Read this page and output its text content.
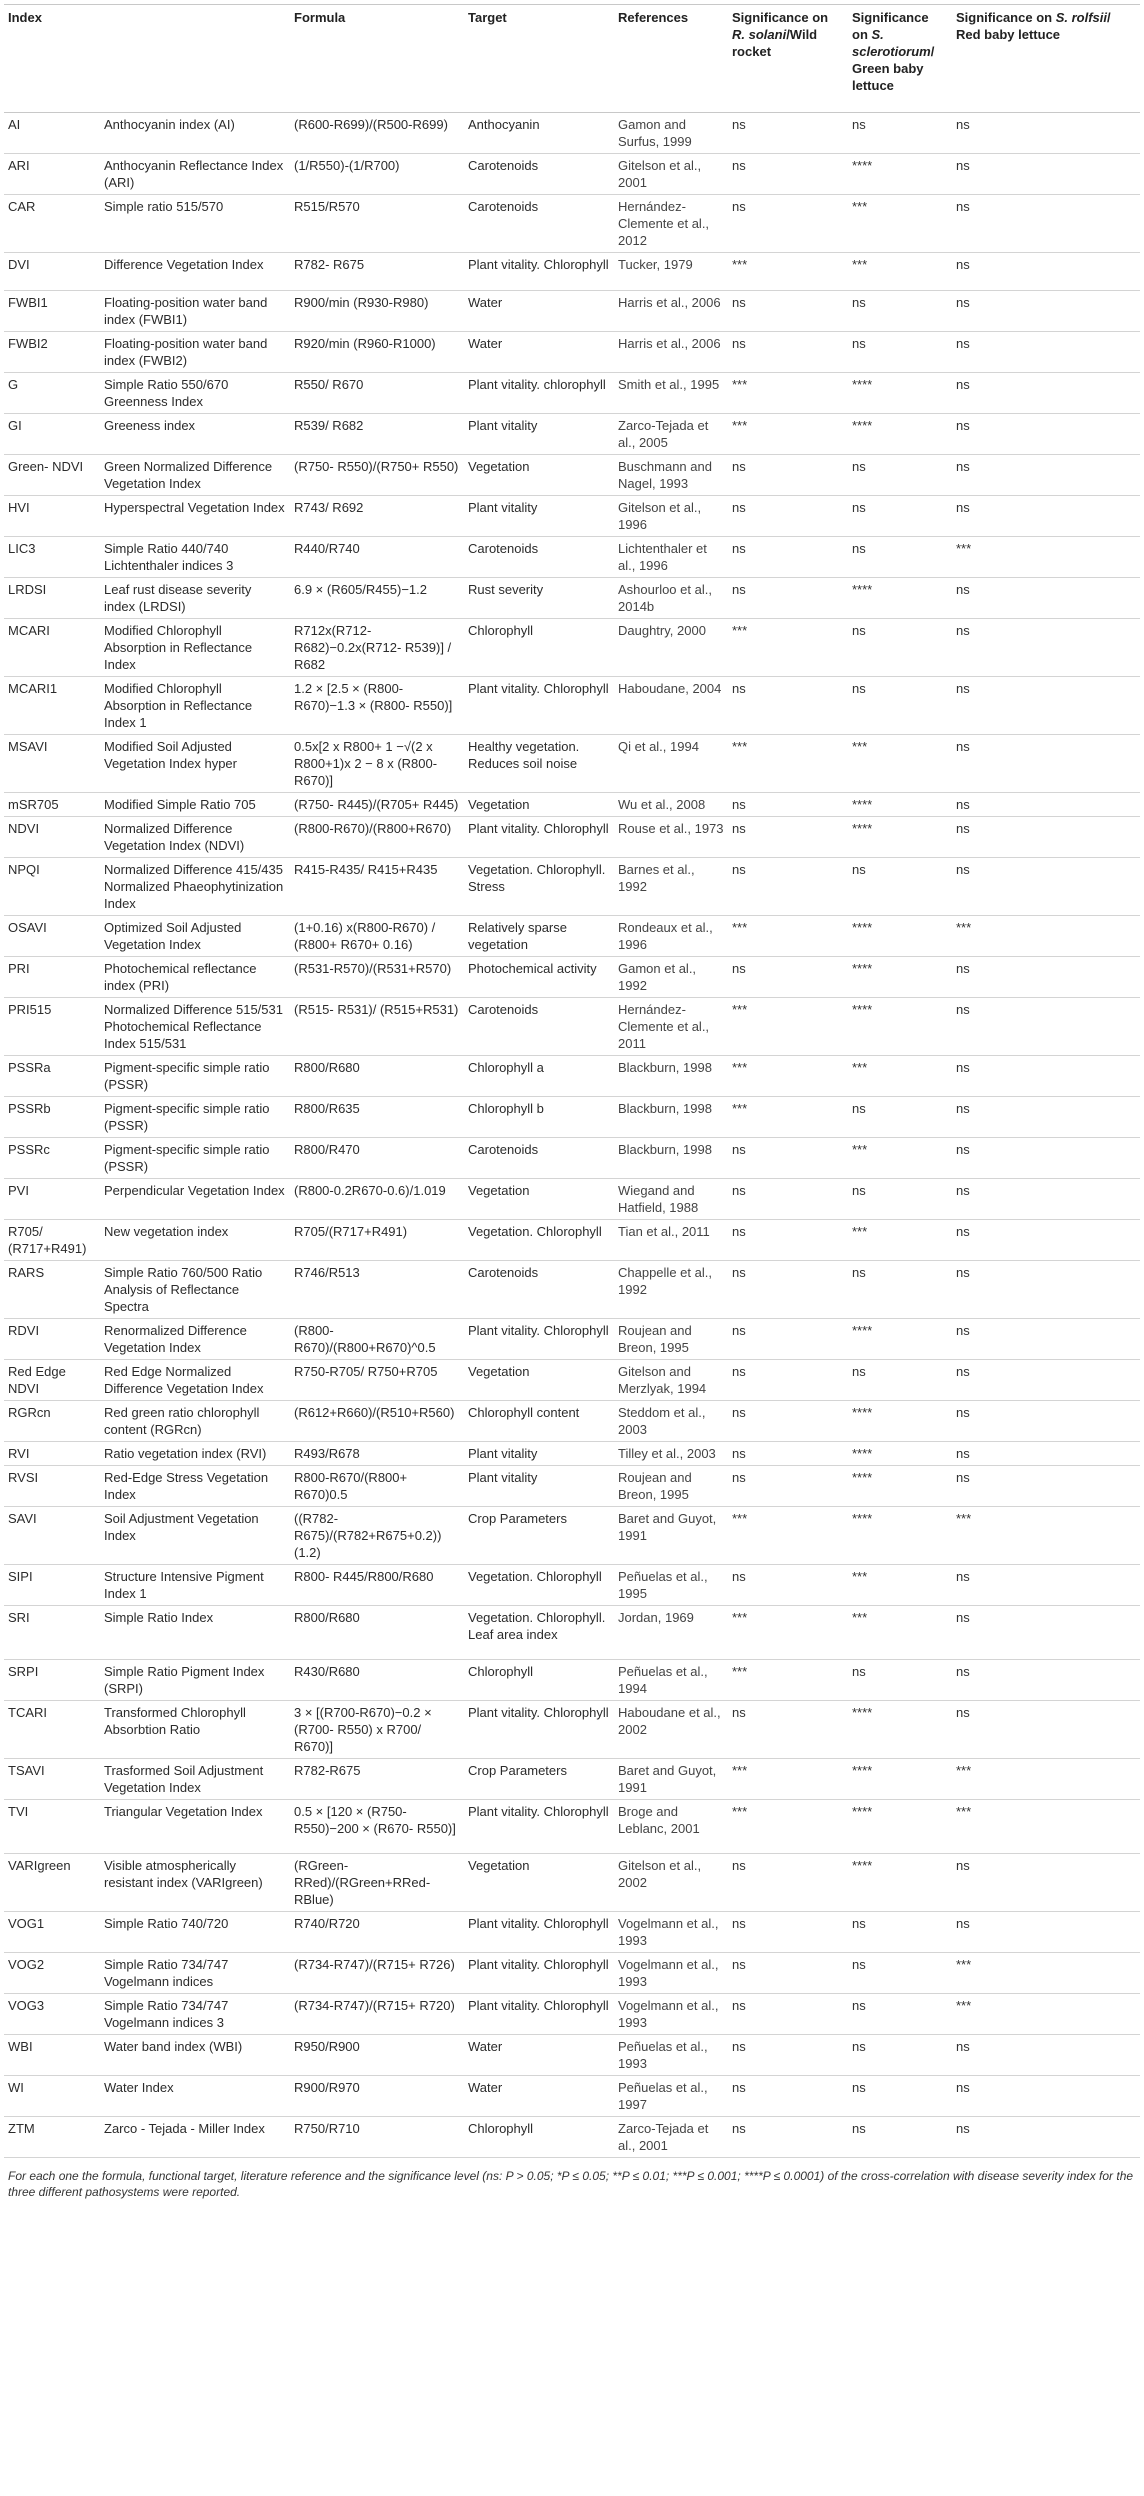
Index		Formula	Target	References	Significance on R. solani/Wild rocket	Significance on S. sclerotiorum/ Green baby lettuce	Significance on S. rolfsii/ Red baby lettuce
AI	Anthocyanin index (AI)	(R600-R699)/(R500-R699)	Anthocyanin	Gamon and Surfus, 1999	ns	ns	ns
ARI	Anthocyanin Reflectance Index (ARI)	(1/R550)-(1/R700)	Carotenoids	Gitelson et al., 2001	ns	****	ns
CAR	Simple ratio 515/570	R515/R570	Carotenoids	Hernández-Clemente et al., 2012	ns	***	ns
DVI	Difference Vegetation Index	R782- R675	Plant vitality. Chlorophyll	Tucker, 1979	***	***	ns
FWBI1	Floating-position water band index (FWBI1)	R900/min (R930-R980)	Water	Harris et al., 2006	ns	ns	ns
FWBI2	Floating-position water band index (FWBI2)	R920/min (R960-R1000)	Water	Harris et al., 2006	ns	ns	ns
G	Simple Ratio 550/670 Greenness Index	R550/ R670	Plant vitality. chlorophyll	Smith et al., 1995	***	****	ns
GI	Greeness index	R539/ R682	Plant vitality	Zarco-Tejada et al., 2005	***	****	ns
Green- NDVI	Green Normalized Difference Vegetation Index	(R750- R550)/(R750+ R550)	Vegetation	Buschmann and Nagel, 1993	ns	ns	ns
HVI	Hyperspectral Vegetation Index	R743/ R692	Plant vitality	Gitelson et al., 1996	ns	ns	ns
LIC3	Simple Ratio 440/740 Lichtenthaler indices 3	R440/R740	Carotenoids	Lichtenthaler et al., 1996	ns	ns	***
LRDSI	Leaf rust disease severity index (LRDSI)	6.9 × (R605/R455)−1.2	Rust severity	Ashourloo et al., 2014b	ns	****	ns
MCARI	Modified Chlorophyll Absorption in Reflectance Index	R712x(R712- R682)−0.2x(R712- R539)] / R682	Chlorophyll	Daughtry, 2000	***	ns	ns
MCARI1	Modified Chlorophyll Absorption in Reflectance Index 1	1.2 × [2.5 × (R800- R670)−1.3 × (R800- R550)]	Plant vitality. Chlorophyll	Haboudane, 2004	ns	ns	ns
MSAVI	Modified Soil Adjusted Vegetation Index hyper	0.5x[2 x R800+ 1 −√(2 x R800+1)x 2 − 8 x (R800- R670)]	Healthy vegetation. Reduces soil noise	Qi et al., 1994	***	***	ns
mSR705	Modified Simple Ratio 705	(R750- R445)/(R705+ R445)	Vegetation	Wu et al., 2008	ns	****	ns
NDVI	Normalized Difference Vegetation Index (NDVI)	(R800-R670)/(R800+R670)	Plant vitality. Chlorophyll	Rouse et al., 1973	ns	****	ns
NPQI	Normalized Difference 415/435 Normalized Phaeophytinization Index	R415-R435/ R415+R435	Vegetation. Chlorophyll. Stress	Barnes et al., 1992	ns	ns	ns
OSAVI	Optimized Soil Adjusted Vegetation Index	(1+0.16) x(R800-R670) / (R800+ R670+ 0.16)	Relatively sparse vegetation	Rondeaux et al., 1996	***	****	***
PRI	Photochemical reflectance index (PRI)	(R531-R570)/(R531+R570)	Photochemical activity	Gamon et al., 1992	ns	****	ns
PRI515	Normalized Difference 515/531 Photochemical Reflectance Index 515/531	(R515- R531)/ (R515+R531)	Carotenoids	Hernández-Clemente et al., 2011	***	****	ns
PSSRa	Pigment-specific simple ratio (PSSR)	R800/R680	Chlorophyll a	Blackburn, 1998	***	***	ns
PSSRb	Pigment-specific simple ratio (PSSR)	R800/R635	Chlorophyll b	Blackburn, 1998	***	ns	ns
PSSRc	Pigment-specific simple ratio (PSSR)	R800/R470	Carotenoids	Blackburn, 1998	ns	***	ns
PVI	Perpendicular Vegetation Index	(R800-0.2R670-0.6)/1.019	Vegetation	Wiegand and Hatfield, 1988	ns	ns	ns
R705/ (R717+R491)	New vegetation index	R705/(R717+R491)	Vegetation. Chlorophyll	Tian et al., 2011	ns	***	ns
RARS	Simple Ratio 760/500 Ratio Analysis of Reflectance Spectra	R746/R513	Carotenoids	Chappelle et al., 1992	ns	ns	ns
RDVI	Renormalized Difference Vegetation Index	(R800- R670)/(R800+R670)^0.5	Plant vitality. Chlorophyll	Roujean and Breon, 1995	ns	****	ns
Red Edge NDVI	Red Edge Normalized Difference Vegetation Index	R750-R705/ R750+R705	Vegetation	Gitelson and Merzlyak, 1994	ns	ns	ns
RGRcn	Red green ratio chlorophyll content (RGRcn)	(R612+R660)/(R510+R560)	Chlorophyll content	Steddom et al., 2003	ns	****	ns
RVI	Ratio vegetation index (RVI)	R493/R678	Plant vitality	Tilley et al., 2003	ns	****	ns
RVSI	Red-Edge Stress Vegetation Index	R800-R670/(R800+ R670)0.5	Plant vitality	Roujean and Breon, 1995	ns	****	ns
SAVI	Soil Adjustment Vegetation Index	((R782- R675)/(R782+R675+0.2)) (1.2)	Crop Parameters	Baret and Guyot, 1991	***	****	***
SIPI	Structure Intensive Pigment Index 1	R800- R445/R800/R680	Vegetation. Chlorophyll	Peñuelas et al., 1995	ns	***	ns
SRI	Simple Ratio Index	R800/R680	Vegetation. Chlorophyll. Leaf area index	Jordan, 1969	***	***	ns
SRPI	Simple Ratio Pigment Index (SRPI)	R430/R680	Chlorophyll	Peñuelas et al., 1994	***	ns	ns
TCARI	Transformed Chlorophyll Absorbtion Ratio	3 × [(R700-R670)−0.2 × (R700- R550) x R700/ R670)]	Plant vitality. Chlorophyll	Haboudane et al., 2002	ns	****	ns
TSAVI	Trasformed Soil Adjustment Vegetation Index	R782-R675	Crop Parameters	Baret and Guyot, 1991	***	****	***
TVI	Triangular Vegetation Index	0.5 × [120 × (R750-R550)−200 × (R670- R550)]	Plant vitality. Chlorophyll	Broge and Leblanc, 2001	***	****	***
VARIgreen	Visible atmospherically resistant index (VARIgreen)	(RGreen- RRed)/(RGreen+RRed-RBlue)	Vegetation	Gitelson et al., 2002	ns	****	ns
VOG1	Simple Ratio 740/720	R740/R720	Plant vitality. Chlorophyll	Vogelmann et al., 1993	ns	ns	ns
VOG2	Simple Ratio 734/747 Vogelmann indices	(R734-R747)/(R715+ R726)	Plant vitality. Chlorophyll	Vogelmann et al., 1993	ns	ns	***
VOG3	Simple Ratio 734/747 Vogelmann indices 3	(R734-R747)/(R715+ R720)	Plant vitality. Chlorophyll	Vogelmann et al., 1993	ns	ns	***
WBI	Water band index (WBI)	R950/R900	Water	Peñuelas et al., 1993	ns	ns	ns
WI	Water Index	R900/R970	Water	Peñuelas et al., 1997	ns	ns	ns
ZTM	Zarco - Tejada - Miller Index	R750/R710	Chlorophyll	Zarco-Tejada et al., 2001	ns	ns	ns
For each one the formula, functional target, literature reference and the significance level (ns: P > 0.05; *P ≤ 0.05; **P ≤ 0.01; ***P ≤ 0.001; ****P ≤ 0.0001) of the cross-correlation with disease severity index for the three different pathosystems were reported.
